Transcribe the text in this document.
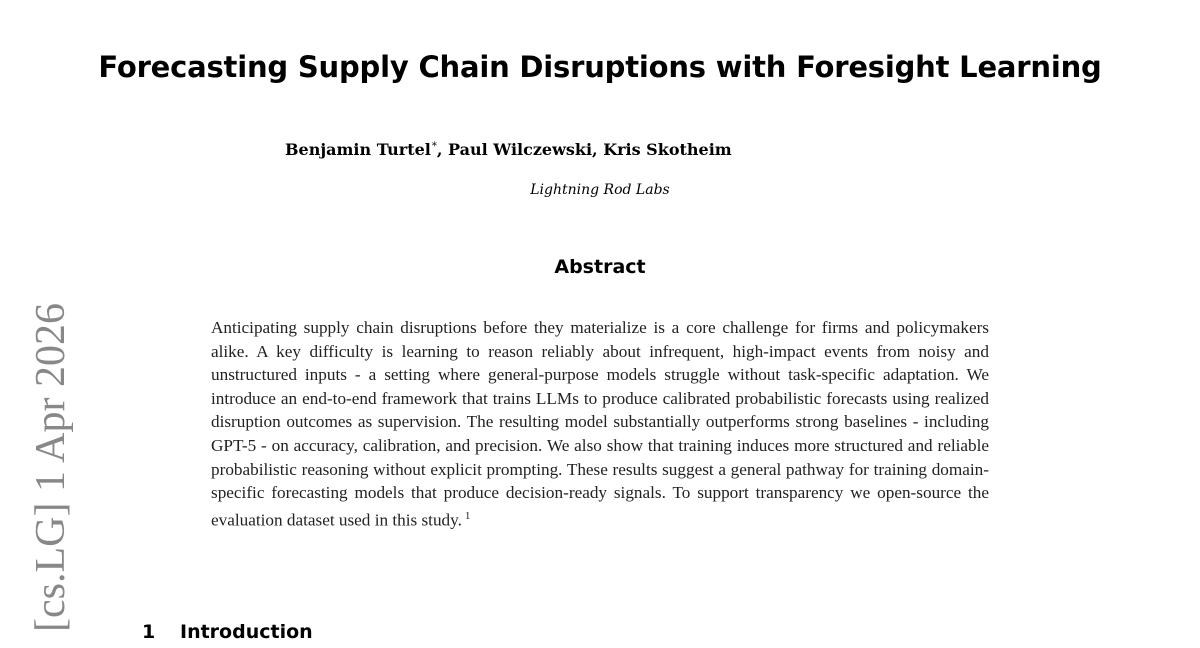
[cs.LG] 1 Apr 2026
Forecasting Supply Chain Disruptions with Foresight Learning
Benjamin Turtel*, Paul Wilczewski, Kris Skotheim
Lightning Rod Labs
Abstract
Anticipating supply chain disruptions before they materialize is a core challenge for firms and policymakers alike. A key difficulty is learning to reason reliably about infrequent, high-impact events from noisy and unstructured inputs - a setting where general-purpose models struggle without task-specific adaptation. We introduce an end-to-end framework that trains LLMs to produce calibrated probabilistic forecasts using realized disruption outcomes as supervision. The resulting model substantially outperforms strong baselines - including GPT-5 - on accuracy, calibration, and precision. We also show that training induces more structured and reliable probabilistic reasoning without explicit prompting. These results suggest a general pathway for training domain-specific forecasting models that produce decision-ready signals. To support transparency we open-source the evaluation dataset used in this study. $^1$
1 Introduction
